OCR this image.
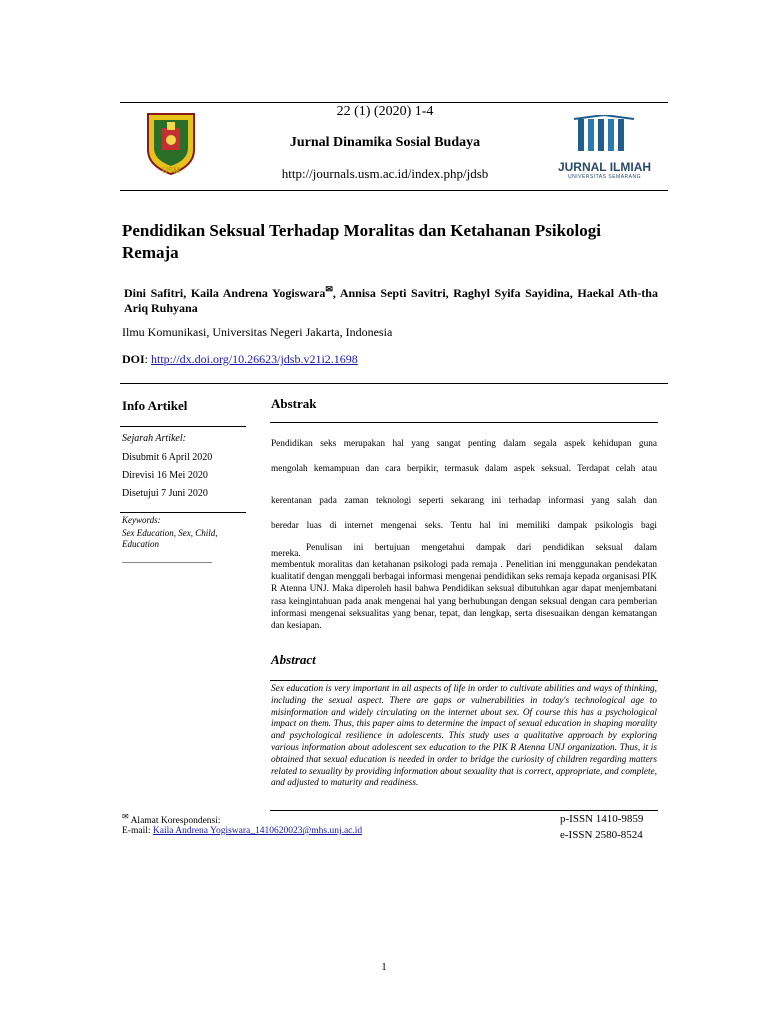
USM
22 (1) (2020) 1-4
Jurnal Dinamika Sosial Budaya
http://journals.usm.ac.id/index.php/jdsb	JURNAL ILMIAH
UNIVERSITAS SEMARANG
Pendidikan Seksual Terhadap Moralitas dan Ketahanan Psikologi Remaja
Dini Safitri, Kaila Andrena Yogiswara✉, Annisa Septi Savitri, Raghyl Syifa Sayidina, Haekal Ath-tha Ariq Ruhyana
Ilmu Komunikasi, Universitas Negeri Jakarta, Indonesia
DOI: http://dx.doi.org/10.26623/jdsb.v21i2.1698
Info Artikel
Sejarah Artikel:
Disubmit 6 April 2020
Direvisi 16 Mei 2020
Disetujui 7 Juni 2020
Keywords:
Sex Education, Sex, Child, Education
____________________
Abstrak
Pendidikan seks merupakan hal yang sangat penting dalam segala aspek kehidupan guna
mengolah kemampuan dan cara berpikir, termasuk dalam aspek seksual. Terdapat celah atau
kerentanan pada zaman teknologi seperti sekarang ini terhadap informasi yang salah dan
beredar luas di internet mengenai seks. Tentu hal ini memiliki dampak psikologis bagi
mereka.
Penulisan ini bertujuan mengetahui dampak dari pendidikan seksual dalam
membentuk moralitas dan ketahanan psikologi pada remaja . Penelitian ini menggunakan pendekatan kualitatif dengan menggali berbagai informasi mengenai pendidikan seks remaja kepada organisasi PIK R Atenna UNJ. Maka diperoleh hasil bahwa Pendidikan seksual dibutuhkan agar dapat menjembatani rasa keingintahuan pada anak mengenai hal yang berhubungan dengan seksual dengan cara pemberian informasi mengenai seksualitas yang benar, tepat, dan lengkap, serta disesuaikan dengan kematangan dan kesiapan.
Abstract
Sex education is very important in all aspects of life in order to cultivate abilities and ways of thinking, including the sexual aspect. There are gaps or vulnerabilities in today's technological age to misinformation and widely circulating on the internet about sex. Of course this has a psychological impact on them. Thus, this paper aims to determine the impact of sexual education in shaping morality and psychological resilience in adolescents. This study uses a qualitative approach by exploring various information about adolescent sex education to the PIK R Atenna UNJ organization. Thus, it is obtained that sexual education is needed in order to bridge the curiosity of children regarding matters related to sexuality by providing information about sexuality that is correct, appropriate, and complete, and adjusted to maturity and readiness.
✉ Alamat Korespondensi:
E-mail: Kaila Andrena Yogiswara_1410620023@mhs.unj.ac.id
p-ISSN 1410-9859
e-ISSN 2580-8524
1
